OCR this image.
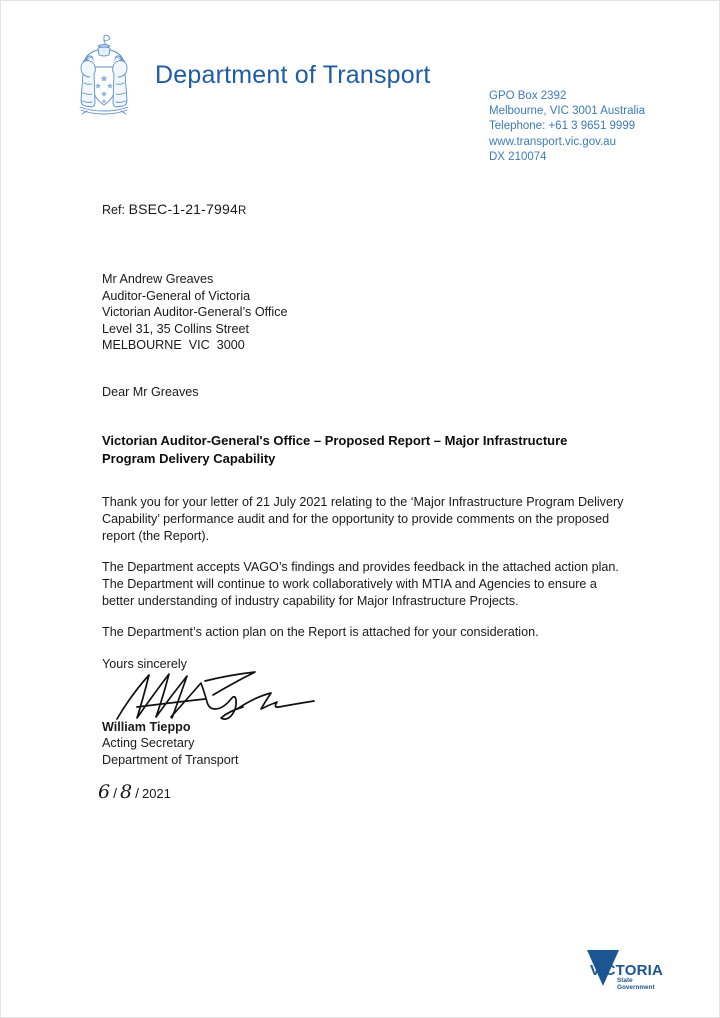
Department of Transport
GPO Box 2392
Melbourne, VIC 3001 Australia
Telephone: +61 3 9651 9999
www.transport.vic.gov.au
DX 210074
Ref: BSEC-1-21-7994R
Mr Andrew Greaves
Auditor-General of Victoria
Victorian Auditor-General’s Office
Level 31, 35 Collins Street
MELBOURNE  VIC  3000
Dear Mr Greaves
Victorian Auditor-General's Office – Proposed Report – Major Infrastructure Program Delivery Capability
Thank you for your letter of 21 July 2021 relating to the ‘Major Infrastructure Program Delivery Capability’ performance audit and for the opportunity to provide comments on the proposed report (the Report).
The Department accepts VAGO’s findings and provides feedback in the attached action plan. The Department will continue to work collaboratively with MTIA and Agencies to ensure a better understanding of industry capability for Major Infrastructure Projects.
The Department’s action plan on the Report is attached for your consideration.
Yours sincerely
William Tieppo
Acting Secretary
Department of Transport
6 / 8 / 2021
VICTORIA
State
Government
